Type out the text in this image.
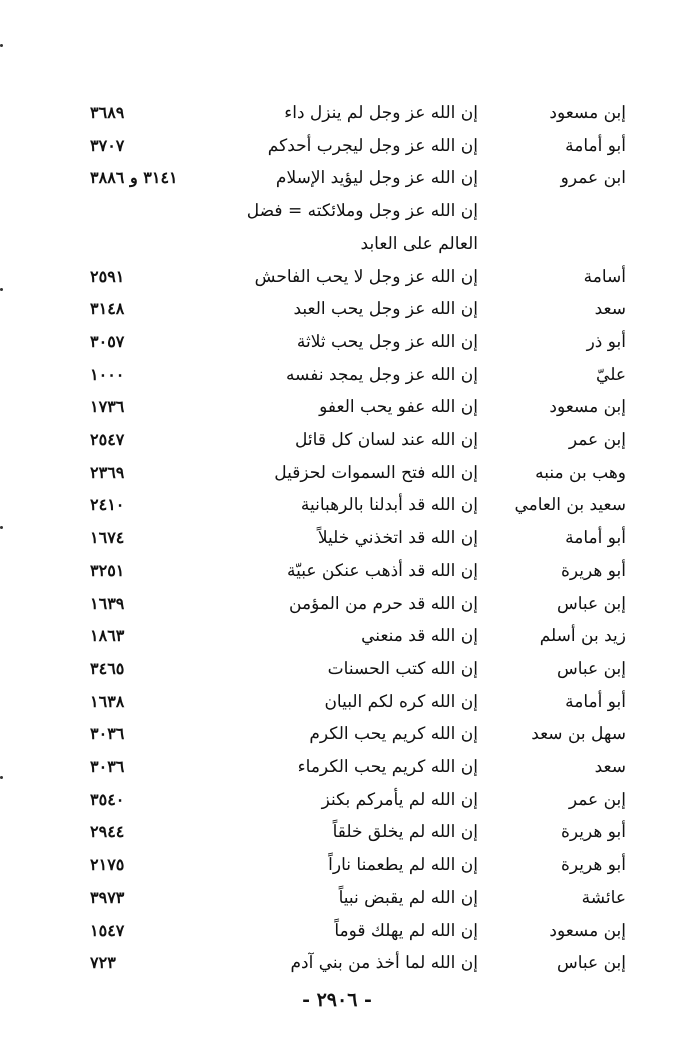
إبن مسعود
إن الله عز وجل لم ينزل داء
٣٦٨٩
أبو أمامة
إن الله عز وجل ليجرب أحدكم
٣٧٠٧
ابن عمرو
إن الله عز وجل ليؤيد الإسلام
٣١٤١ و ٣٨٨٦
إن الله عز وجل وملائكته = فضل
العالم على العابد
أسامة
إن الله عز وجل لا يحب الفاحش
٢٥٩١
سعد
إن الله عز وجل يحب العبد
٣١٤٨
أبو ذر
إن الله عز وجل يحب ثلاثة
٣٠٥٧
عليّ
إن الله عز وجل يمجد نفسه
١٠٠٠
إبن مسعود
إن الله عفو يحب العفو
١٧٣٦
إبن عمر
إن الله عند لسان كل قائل
٢٥٤٧
وهب بن منبه
إن الله فتح السموات لحزقيل
٢٣٦٩
سعيد بن العامي
إن الله قد أبدلنا بالرهبانية
٢٤١٠
أبو أمامة
إن الله قد اتخذني خليلاً
١٦٧٤
أبو هريرة
إن الله قد أذهب عنكن عبيّة
٣٢٥١
إبن عباس
إن الله قد حرم من المؤمن
١٦٣٩
زيد بن أسلم
إن الله قد منعني
١٨٦٣
إبن عباس
إن الله كتب الحسنات
٣٤٦٥
أبو أمامة
إن الله كره لكم البيان
١٦٣٨
سهل بن سعد
إن الله كريم يحب الكرم
٣٠٣٦
سعد
إن الله كريم يحب الكرماء
٣٠٣٦
إبن عمر
إن الله لم يأمركم بكنز
٣٥٤٠
أبو هريرة
إن الله لم يخلق خلقاً
٢٩٤٤
أبو هريرة
إن الله لم يطعمنا ناراً
٢١٧٥
عائشة
إن الله لم يقبض نبياً
٣٩٧٣
إبن مسعود
إن الله لم يهلك قوماً
١٥٤٧
إبن عباس
إن الله لما أخذ من بني آدم
٧٢٣
- ٢٩٠٦ -
